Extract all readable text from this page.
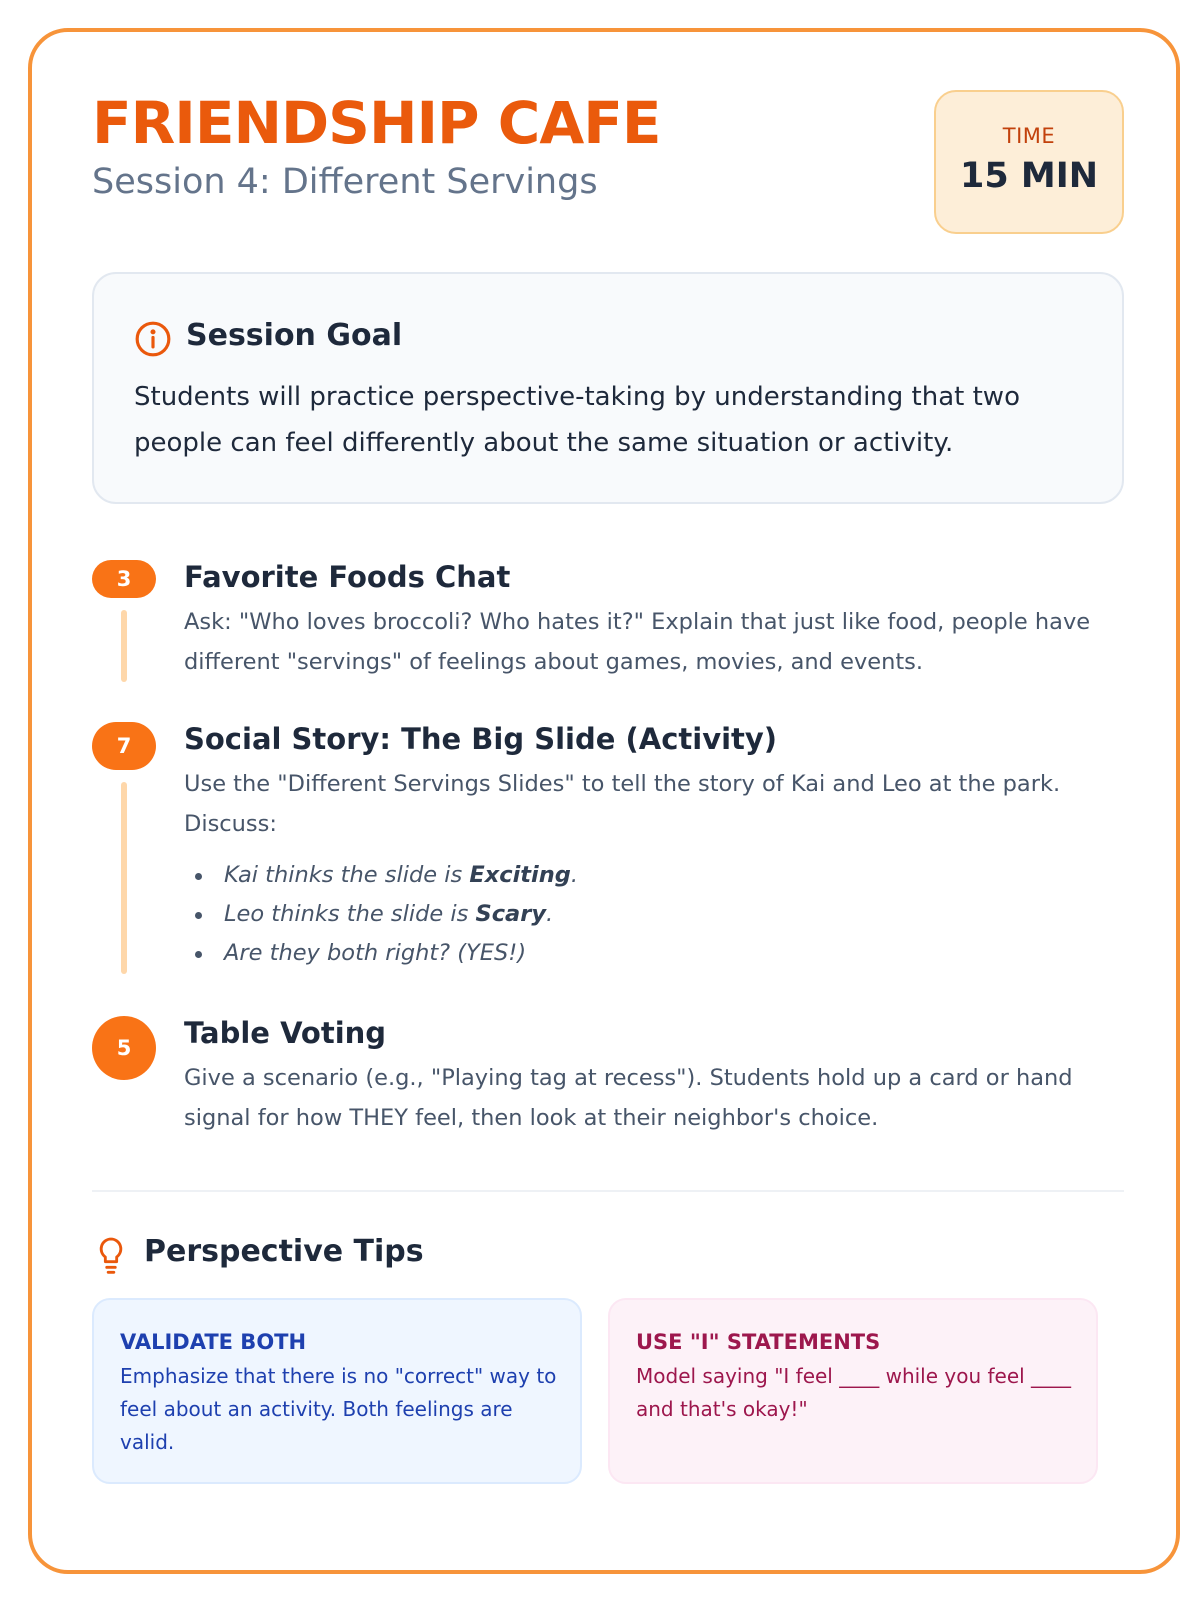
FRIENDSHIP CAFE
Session 4: Different Servings
TIME
15 MIN
Session Goal

Students will practice perspective-taking by understanding that two people can feel differently about the same situation or activity.

3	Favorite Foods Chat

Ask: "Who loves broccoli? Who hates it?" Explain that just like food, people have different "servings" of feelings about games, movies, and events.

7	Social Story: The Big Slide (Activity)

Use the "Different Servings Slides" to tell the story of Kai and Leo at the park. Discuss:

Kai thinks the slide is Exciting.
Leo thinks the slide is Scary.
Are they both right? (YES!)
5	Table Voting

Give a scenario (e.g., "Playing tag at recess"). Students hold up a card or hand signal for how THEY feel, then look at their neighbor's choice.

Perspective Tips
VALIDATE BOTH

Emphasize that there is no "correct" way to feel about an activity. Both feelings are valid.

USE "I" STATEMENTS

Model saying "I feel ____ while you feel ____ and that's okay!"
